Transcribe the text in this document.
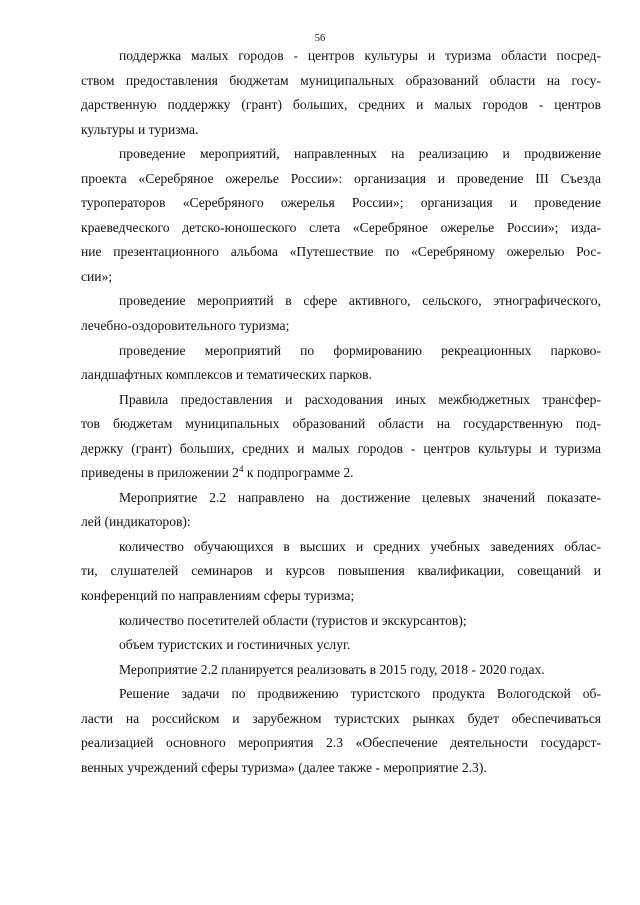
56

поддержка малых городов - центров культуры и туризма области посред-
ством предоставления бюджетам муниципальных образований области на госу-
дарственную поддержку (грант) больших, средних и малых городов - центров
культуры и туризма.

проведение мероприятий, направленных на реализацию и продвижение
проекта «Серебряное ожерелье России»: организация и проведение III Съезда
туроператоров «Серебряного ожерелья России»; организация и проведение
краеведческого детско-юношеского слета «Серебряное ожерелье России»; изда-
ние презентационного альбома «Путешествие по «Серебряному ожерелью Рос-
сии»;

проведение мероприятий в сфере активного, сельского, этнографического,
лечебно-оздоровительного туризма;

проведение мероприятий по формированию рекреационных парково-
ландшафтных комплексов и тематических парков.

Правила предоставления и расходования иных межбюджетных трансфер-
тов бюджетам муниципальных образований области на государственную под-
держку (грант) больших, средних и малых городов - центров культуры и туризма
приведены в приложении $2^4$ к подпрограмме 2.

Мероприятие 2.2 направлено на достижение целевых значений показате-
лей (индикаторов):

количество обучающихся в высших и средних учебных заведениях облас-
ти, слушателей семинаров и курсов повышения квалификации, совещаний и
конференций по направлениям сферы туризма;

количество посетителей области (туристов и экскурсантов);

объем туристских и гостиничных услуг.

Мероприятие 2.2 планируется реализовать в 2015 году, 2018 - 2020 годах.

Решение задачи по продвижению туристского продукта Вологодской об-
ласти на российском и зарубежном туристских рынках будет обеспечиваться
реализацией основного мероприятия 2.3 «Обеспечение деятельности государст-
венных учреждений сферы туризма» (далее также - мероприятие 2.3).
